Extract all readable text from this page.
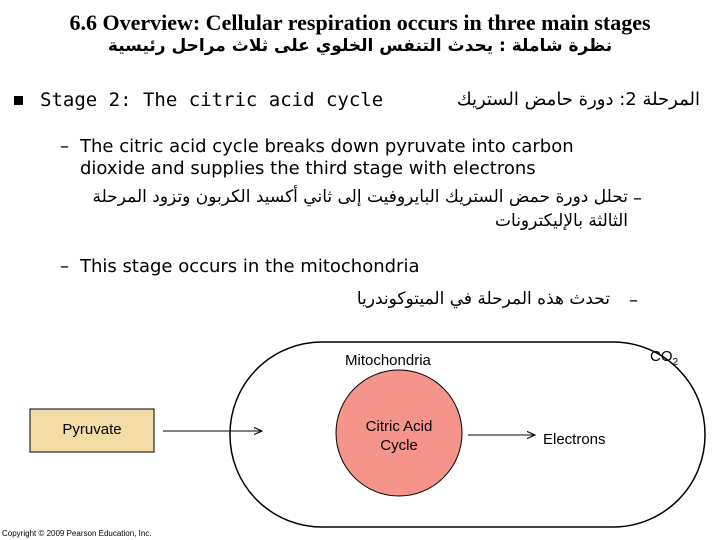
6.6 Overview: Cellular respiration occurs in three main stages
نظرة شاملة : يحدث التنفس الخلوي على ثلاث مراحل رئيسية
Stage 2: The citric acid cycle	المرحلة 2: دورة حامض الستريك
– The citric acid cycle breaks down pyruvate into carbon
dioxide and supplies the third stage with electrons
–
تحلل دورة حمض الستريك البايروفيت إلى ثاني أكسيد الكربون وتزود المرحلة
الثالثة بالإليكترونات
– This stage occurs in the mitochondria
–
تحدث هذه المرحلة في الميتوكوندريا
Mitochondria	$CO_2$
Pyruvate	Citric Acid
Cycle	Electrons
Copyright © 2009 Pearson Education, Inc.
